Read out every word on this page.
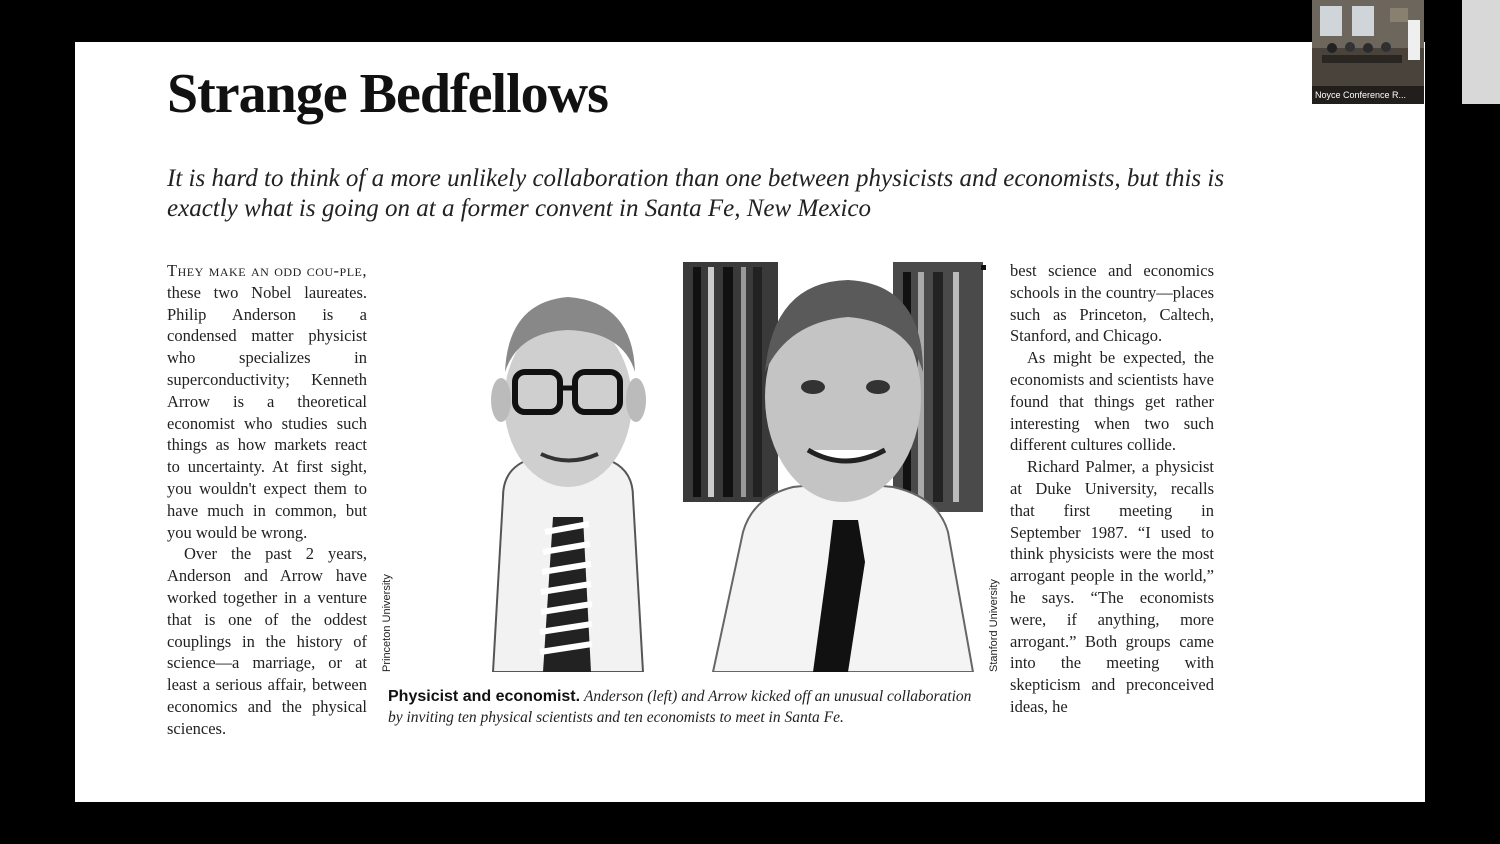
Strange Bedfellows

It is hard to think of a more unlikely collaboration than one between physicists and economists, but this is exactly what is going on at a former convent in Santa Fe, New Mexico

They make an odd cou-ple, these two Nobel laureates. Philip Anderson is a condensed matter physicist who specializes in superconductivity; Kenneth Arrow is a theoretical economist who studies such things as how markets react to uncertainty. At first sight, you wouldn't expect them to have much in common, but you would be wrong.

Over the past 2 years, Anderson and Arrow have worked together in a venture that is one of the oddest couplings in the history of science—a marriage, or at least a serious affair, between economics and the physical sciences.

Princeton University	Stanford University
Physicist and economist. Anderson (left) and Arrow kicked off an unusual collaboration by inviting ten physical scientists and ten economists to meet in Santa Fe.

best science and economics schools in the country—places such as Princeton, Caltech, Stanford, and Chicago.

As might be expected, the economists and scientists have found that things get rather interesting when two such different cultures collide.

Richard Palmer, a physicist at Duke University, recalls that first meeting in September 1987. “I used to think physicists were the most arrogant people in the world,” he says. “The economists were, if anything, more arrogant.” Both groups came into the meeting with skepticism and preconceived ideas, he

Noyce Conference R...
